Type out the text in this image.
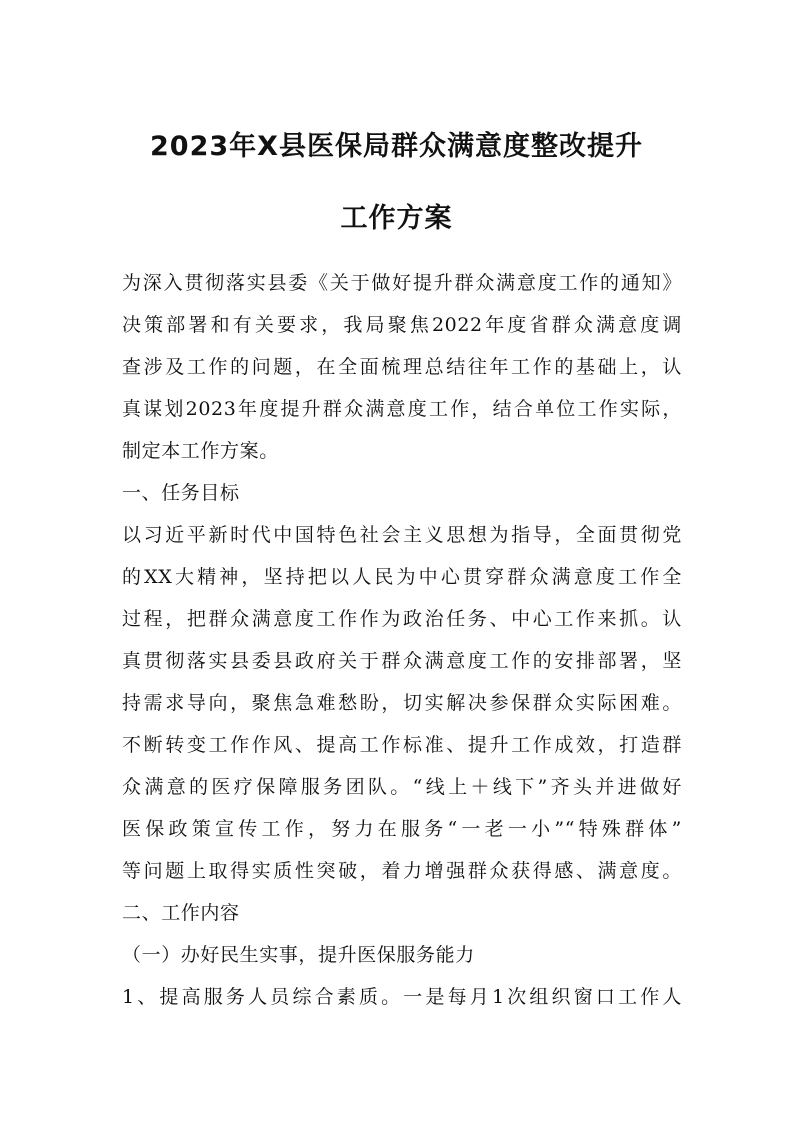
2023年X县医保局群众满意度整改提升
工作方案
为深入贯彻落实县委《关于做好提升群众满意度工作的通知》
决策部署和有关要求，我局聚焦2022年度省群众满意度调
查涉及工作的问题，在全面梳理总结往年工作的基础上，认
真谋划2023年度提升群众满意度工作，结合单位工作实际，
制定本工作方案。
一、任务目标
以习近平新时代中国特色社会主义思想为指导，全面贯彻党
的XX大精神，坚持把以人民为中心贯穿群众满意度工作全
过程，把群众满意度工作作为政治任务、中心工作来抓。认
真贯彻落实县委县政府关于群众满意度工作的安排部署，坚
持需求导向，聚焦急难愁盼，切实解决参保群众实际困难。
不断转变工作作风、提高工作标准、提升工作成效，打造群
众满意的医疗保障服务团队。“线上＋线下”齐头并进做好
医保政策宣传工作，努力在服务“一老一小”“特殊群体”
等问题上取得实质性突破，着力增强群众获得感、满意度。
二、工作内容
（一）办好民生实事，提升医保服务能力
1、提高服务人员综合素质。一是每月1次组织窗口工作人
